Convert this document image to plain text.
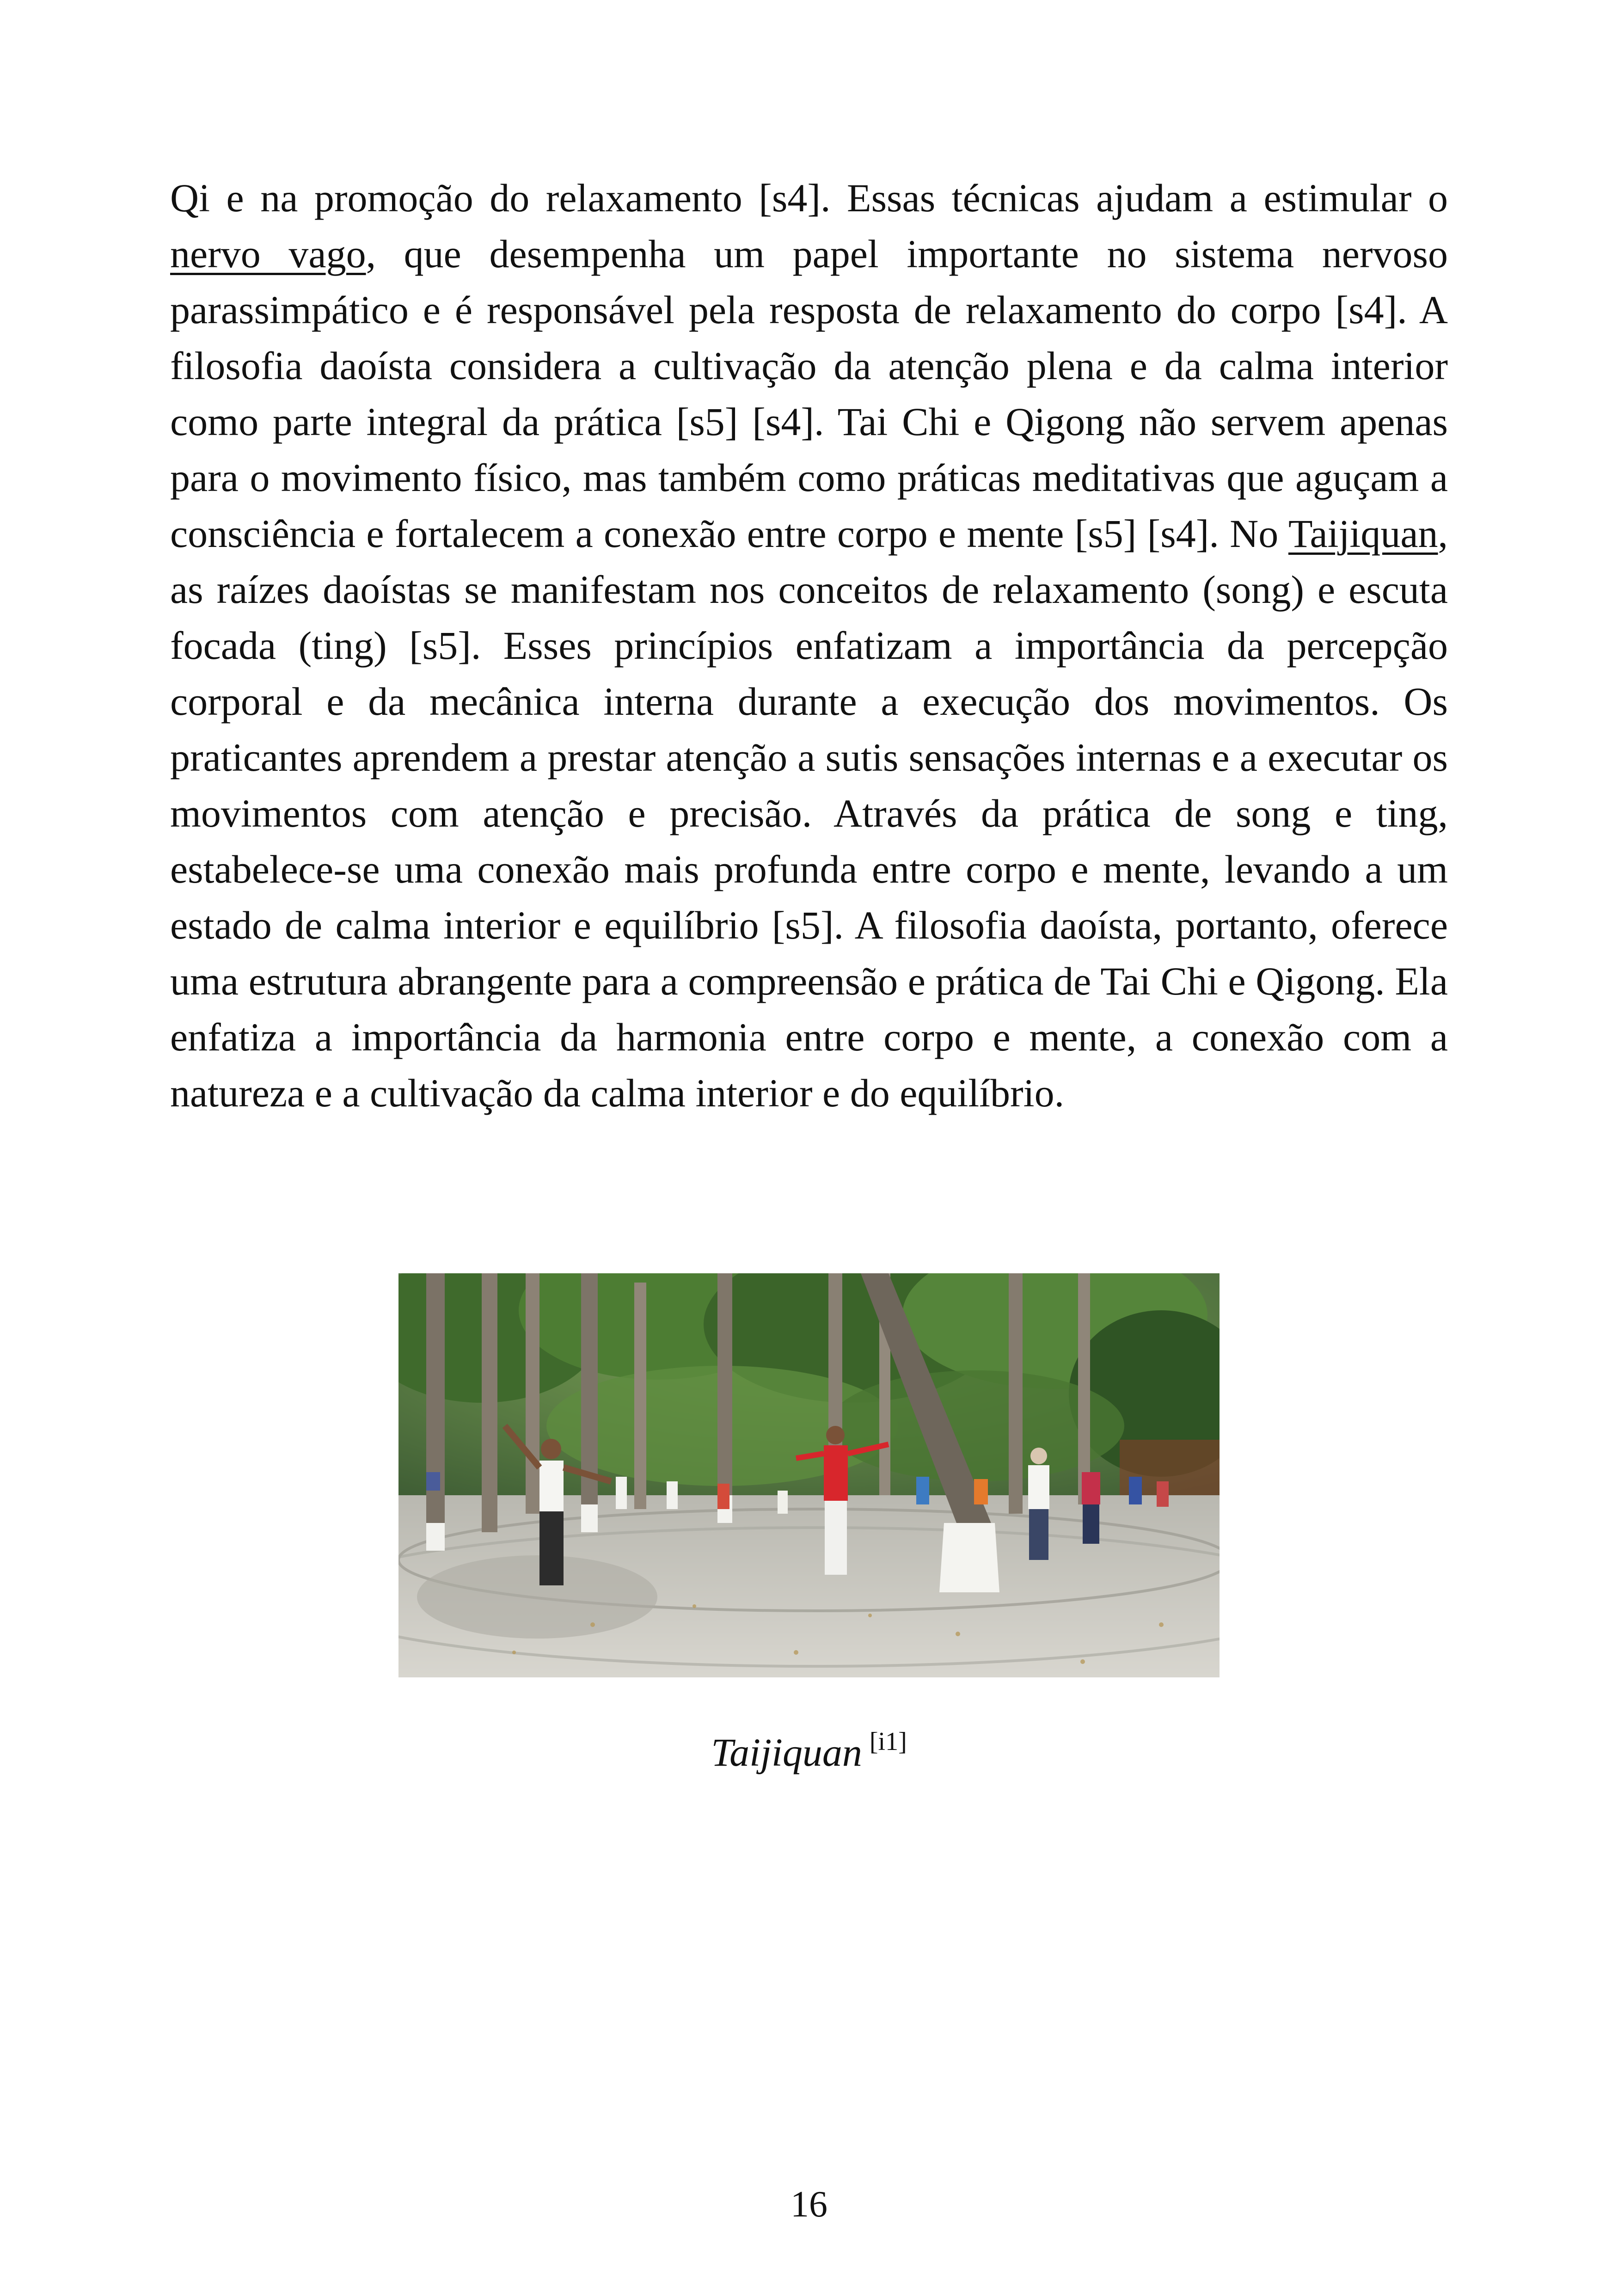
Qi e na promoção do relaxamento [s4]. Essas técnicas ajudam a estimular o nervo vago, que desempenha um papel importante no sistema nervoso parassimpático e é responsável pela resposta de relaxamento do corpo [s4]. A filosofia daoísta considera a cultivação da atenção plena e da calma interior como parte integral da prática [s5] [s4]. Tai Chi e Qigong não servem apenas para o movimento físico, mas também como práticas meditativas que aguçam a consciência e fortalecem a conexão entre corpo e mente [s5] [s4]. No Taijiquan, as raízes daoístas se manifestam nos conceitos de relaxamento (song) e escuta focada (ting) [s5]. Esses princípios enfatizam a importância da percepção corporal e da mecânica interna durante a execução dos movimentos. Os praticantes aprendem a prestar atenção a sutis sensações internas e a executar os movimentos com atenção e precisão. Através da prática de song e ting, estabelece-se uma conexão mais profunda entre corpo e mente, levando a um estado de calma interior e equilíbrio [s5]. A filosofia daoísta, portanto, oferece uma estrutura abrangente para a compreensão e prática de Tai Chi e Qigong. Ela enfatiza a importância da harmonia entre corpo e mente, a conexão com a natureza e a cultivação da calma interior e do equilíbrio.

Taijiquan [i1]
16
